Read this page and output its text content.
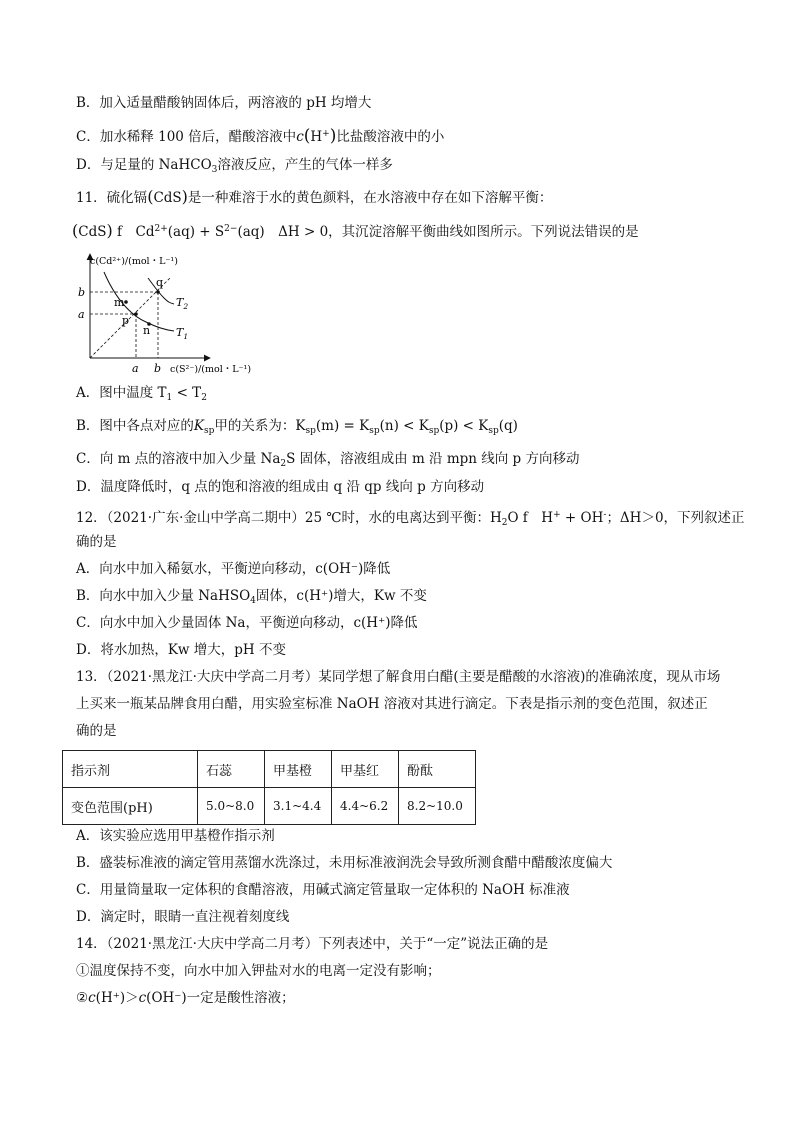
B．加入适量醋酸钠固体后，两溶液的 pH 均增大
C．加水稀释 100 倍后，醋酸溶液中c(H+)比盐酸溶液中的小
D．与足量的 NaHCO$_3$溶液反应，产生的气体一样多
11．硫化镉(CdS)是一种难溶于水的黄色颜料，在水溶液中存在如下溶解平衡：
(CdS) f　$Cd^{2+}(aq) + S^{2-}(aq)$　ΔH > 0，其沉淀溶解平衡曲线如图所示。下列说法错误的是
c(Cd²⁺)/(mol・L⁻¹)
c(S²⁻)/(mol・L⁻¹)
b
a
a b
m
p
n
q
$T_2$
$T_1$
A．图中温度 $T_1 < T_2$
B．图中各点对应的$K_{sp}$甲的关系为：$K_{sp}(m) = K_{sp}(n) < K_{sp}(p) < K_{sp}(q)$
C．向 m 点的溶液中加入少量 $Na_2S$ 固体，溶液组成由 m 沿 mpn 线向 p 方向移动
D．温度降低时，q 点的饱和溶液的组成由 q 沿 qp 线向 p 方向移动
12．（2021·广东·金山中学高二期中）25 ℃时，水的电离达到平衡：$H_2O$ f　H+ + OH-；ΔH＞0，下列叙述正
确的是
A．向水中加入稀氨水，平衡逆向移动，c(OH⁻)降低
B．向水中加入少量 NaHSO$_4$固体，c(H⁺)增大，Kw 不变
C．向水中加入少量固体 Na，平衡逆向移动，c(H⁺)降低
D．将水加热，Kw 增大，pH 不变
13．（2021·黑龙江·大庆中学高二月考）某同学想了解食用白醋(主要是醋酸的水溶液)的准确浓度，现从市场
上买来一瓶某品牌食用白醋，用实验室标准 NaOH 溶液对其进行滴定。下表是指示剂的变色范围，叙述正
确的是
指示剂	石蕊	甲基橙	甲基红	酚酞
变色范围(pH)	5.0~8.0	3.1~4.4	4.4~6.2	8.2~10.0
A．该实验应选用甲基橙作指示剂
B．盛装标准液的滴定管用蒸馏水洗涤过，未用标准液润洗会导致所测食醋中醋酸浓度偏大
C．用量筒量取一定体积的食醋溶液，用碱式滴定管量取一定体积的 NaOH 标准液
D．滴定时，眼睛一直注视着刻度线
14．（2021·黑龙江·大庆中学高二月考）下列表述中，关于“一定”说法正确的是
①温度保持不变，向水中加入钾盐对水的电离一定没有影响；
②c(H⁺)＞c(OH⁻)一定是酸性溶液；
